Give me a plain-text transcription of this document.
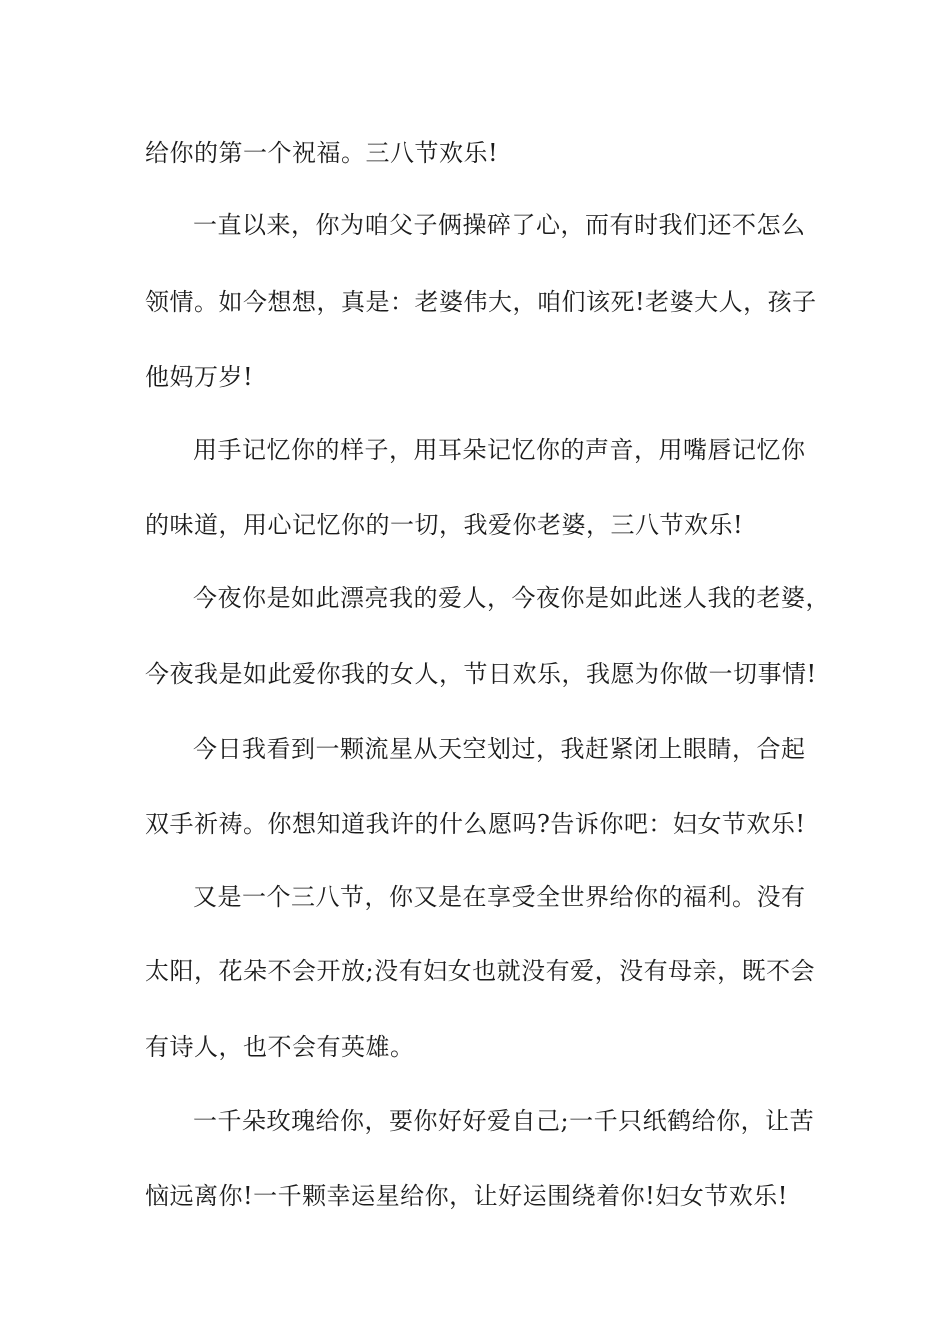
给你的第一个祝福。三八节欢乐!
一直以来，你为咱父子俩操碎了心，而有时我们还不怎么
领情。如今想想，真是：老婆伟大，咱们该死!老婆大人，孩子
他妈万岁!
用手记忆你的样子，用耳朵记忆你的声音，用嘴唇记忆你
的味道，用心记忆你的一切，我爱你老婆，三八节欢乐!
今夜你是如此漂亮我的爱人，今夜你是如此迷人我的老婆，
今夜我是如此爱你我的女人，节日欢乐，我愿为你做一切事情!
今日我看到一颗流星从天空划过，我赶紧闭上眼睛，合起
双手祈祷。你想知道我许的什么愿吗?告诉你吧：妇女节欢乐!
又是一个三八节，你又是在享受全世界给你的福利。没有
太阳，花朵不会开放;没有妇女也就没有爱，没有母亲，既不会
有诗人，也不会有英雄。
一千朵玫瑰给你，要你好好爱自己;一千只纸鹤给你，让苦
恼远离你!一千颗幸运星给你，让好运围绕着你!妇女节欢乐!
